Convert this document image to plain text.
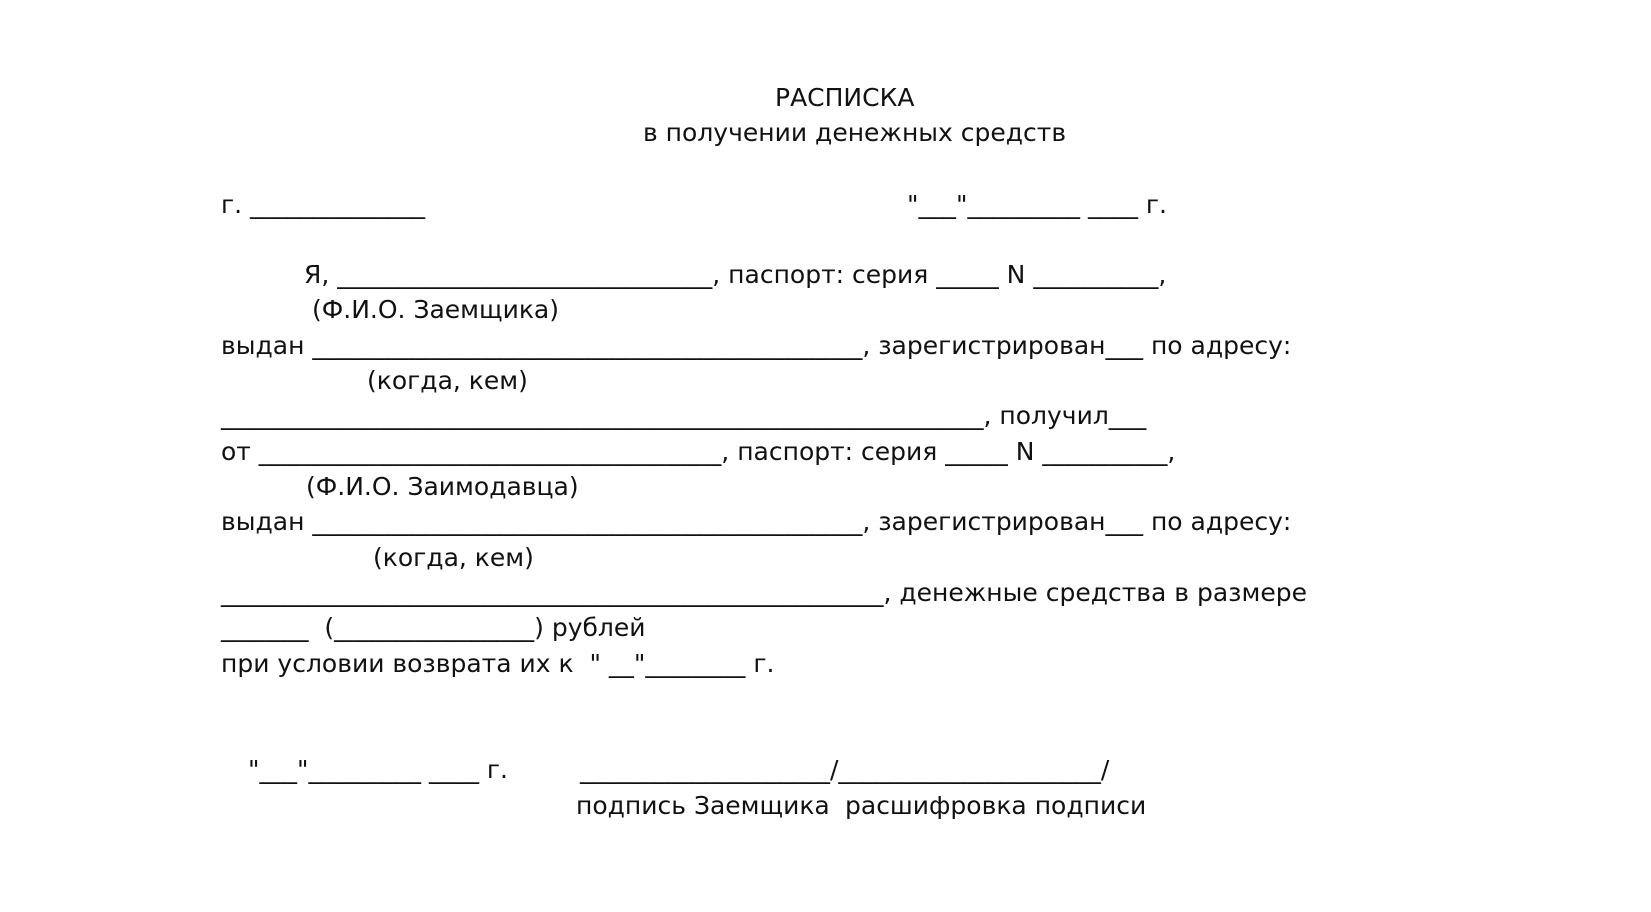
РАСПИСКА
в получении денежных средств
г. ______________	"___"_________ ____ г.
Я, ______________________________, паспорт: серия _____ N __________,
(Ф.И.О. Заемщика)
выдан ____________________________________________, зарегистрирован___ по адресу:
(когда, кем)
_____________________________________________________________, получил___
от _____________________________________, паспорт: серия _____ N __________,
(Ф.И.О. Заимодавца)
выдан ____________________________________________, зарегистрирован___ по адресу:
(когда, кем)
_____________________________________________________, денежные средства в размере
_______  (________________) рублей
при условии возврата их к  " __"________ г.
"___"_________ ____ г.	____________________/_____________________/
подпись Заемщика расшифровка подписи
